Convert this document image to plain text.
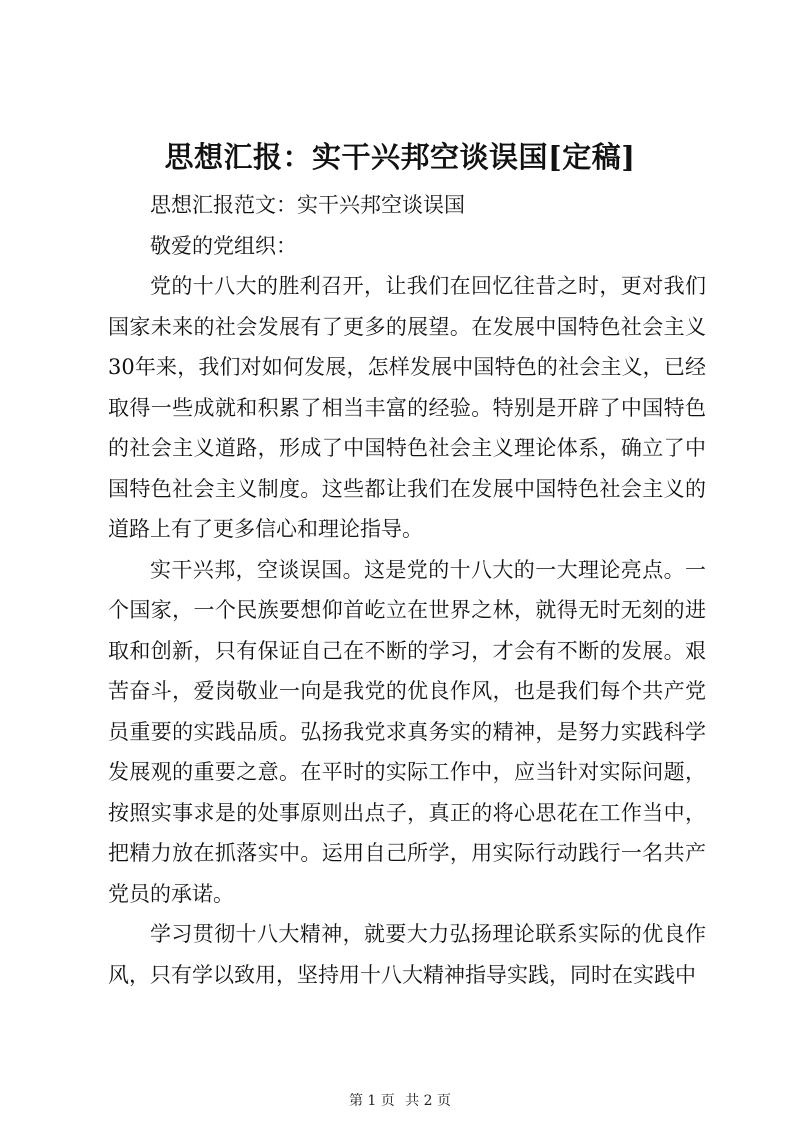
思想汇报：实干兴邦空谈误国[定稿]

思想汇报范文：实干兴邦空谈误国

敬爱的党组织：

党的十八大的胜利召开，让我们在回忆往昔之时，更对我们国家未来的社会发展有了更多的展望。在发展中国特色社会主义30年来，我们对如何发展，怎样发展中国特色的社会主义，已经取得一些成就和积累了相当丰富的经验。特别是开辟了中国特色的社会主义道路，形成了中国特色社会主义理论体系，确立了中国特色社会主义制度。这些都让我们在发展中国特色社会主义的道路上有了更多信心和理论指导。

实干兴邦，空谈误国。这是党的十八大的一大理论亮点。一个国家，一个民族要想仰首屹立在世界之林，就得无时无刻的进取和创新，只有保证自己在不断的学习，才会有不断的发展。艰苦奋斗，爱岗敬业一向是我党的优良作风，也是我们每个共产党员重要的实践品质。弘扬我党求真务实的精神，是努力实践科学发展观的重要之意。在平时的实际工作中，应当针对实际问题，按照实事求是的处事原则出点子，真正的将心思花在工作当中，把精力放在抓落实中。运用自己所学，用实际行动践行一名共产党员的承诺。

学习贯彻十八大精神，就要大力弘扬理论联系实际的优良作风，只有学以致用，坚持用十八大精神指导实践，同时在实践中

第 1 页 共 2 页
